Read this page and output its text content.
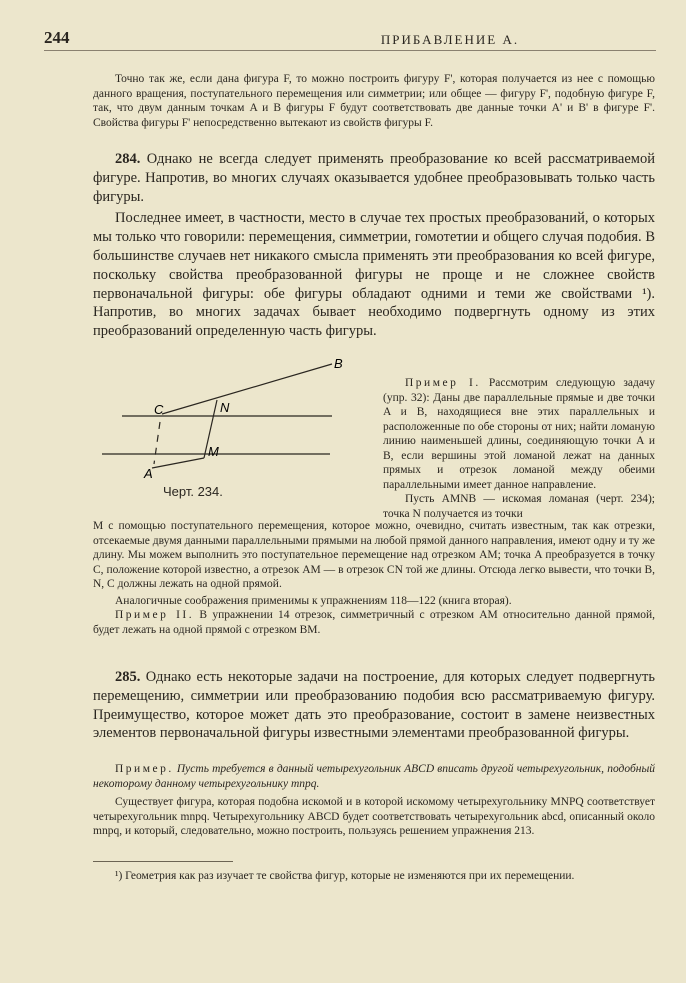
244	ПРИБАВЛЕНИЕ А.

Точно так же, если дана фигура F, то можно построить фигуру F', которая получается из нее с помощью данного вращения, поступательного перемещения или симметрии; или общее — фигуру F', подобную фигуре F, так, что двум данным точкам A и B фигуры F будут соответствовать две данные точки A' и B' в фигуре F'. Свойства фигуры F' непосредственно вытекают из свойств фигуры F.

284. Однако не всегда следует применять преобразование ко всей рассматриваемой фигуре. Напротив, во многих случаях оказывается удобнее преобразовывать только часть фигуры.

Последнее имеет, в частности, место в случае тех простых преобразований, о которых мы только что говорили: перемещения, симметрии, гомотетии и общего случая подобия. В большинстве случаев нет никакого смысла применять эти преобразования ко всей фигуре, поскольку свойства преобразованной фигуры не проще и не сложнее свойств первоначальной фигуры: обе фигуры обладают одними и теми же свойствами ¹). Напротив, во многих задачах бывает необходимо подвергнуть одному из этих преобразований определенную часть фигуры.

B
C	N
M
A
Черт. 234.

Пример I. Рассмотрим следующую задачу (упр. 32): Даны две параллельные прямые и две точки A и B, находящиеся вне этих параллельных и расположенные по обе стороны от них; найти ломаную линию наименьшей длины, соединяющую точки A и B, если вершины этой ломаной лежат на данных прямых и отрезок ломаной между обеими параллельными имеет данное направление.

Пусть AMNB — искомая ломаная (черт. 234); точка N получается из точки

M с помощью поступательного перемещения, которое можно, очевидно, считать известным, так как отрезки, отсекаемые двумя данными параллельными прямыми на любой прямой данного направления, имеют одну и ту же длину. Мы можем выполнить это поступательное перемещение над отрезком AM; точка A преобразуется в точку C, положение которой известно, а отрезок AM — в отрезок CN той же длины. Отсюда легко вывести, что точки B, N, C должны лежать на одной прямой.

Аналогичные соображения применимы к упражнениям 118—122 (книга вторая).

Пример II. В упражнении 14 отрезок, симметричный с отрезком AM относительно данной прямой, будет лежать на одной прямой с отрезком BM.

285. Однако есть некоторые задачи на построение, для которых следует подвергнуть перемещению, симметрии или преобразованию подобия всю рассматриваемую фигуру. Преимущество, которое может дать это преобразование, состоит в замене неизвестных элементов первоначальной фигуры известными элементами преобразованной фигуры.

Пример. Пусть требуется в данный четырехугольник ABCD вписать другой четырехугольник, подобный некоторому данному четырехугольнику mnpq.

Существует фигура, которая подобна искомой и в которой искомому четырехугольнику MNPQ соответствует четырехугольник mnpq. Четырехугольнику ABCD будет соответствовать четырехугольник abcd, описанный около mnpq, и который, следовательно, можно построить, пользуясь решением упражнения 213.

¹) Геометрия как раз изучает те свойства фигур, которые не изменяются при их перемещении.
